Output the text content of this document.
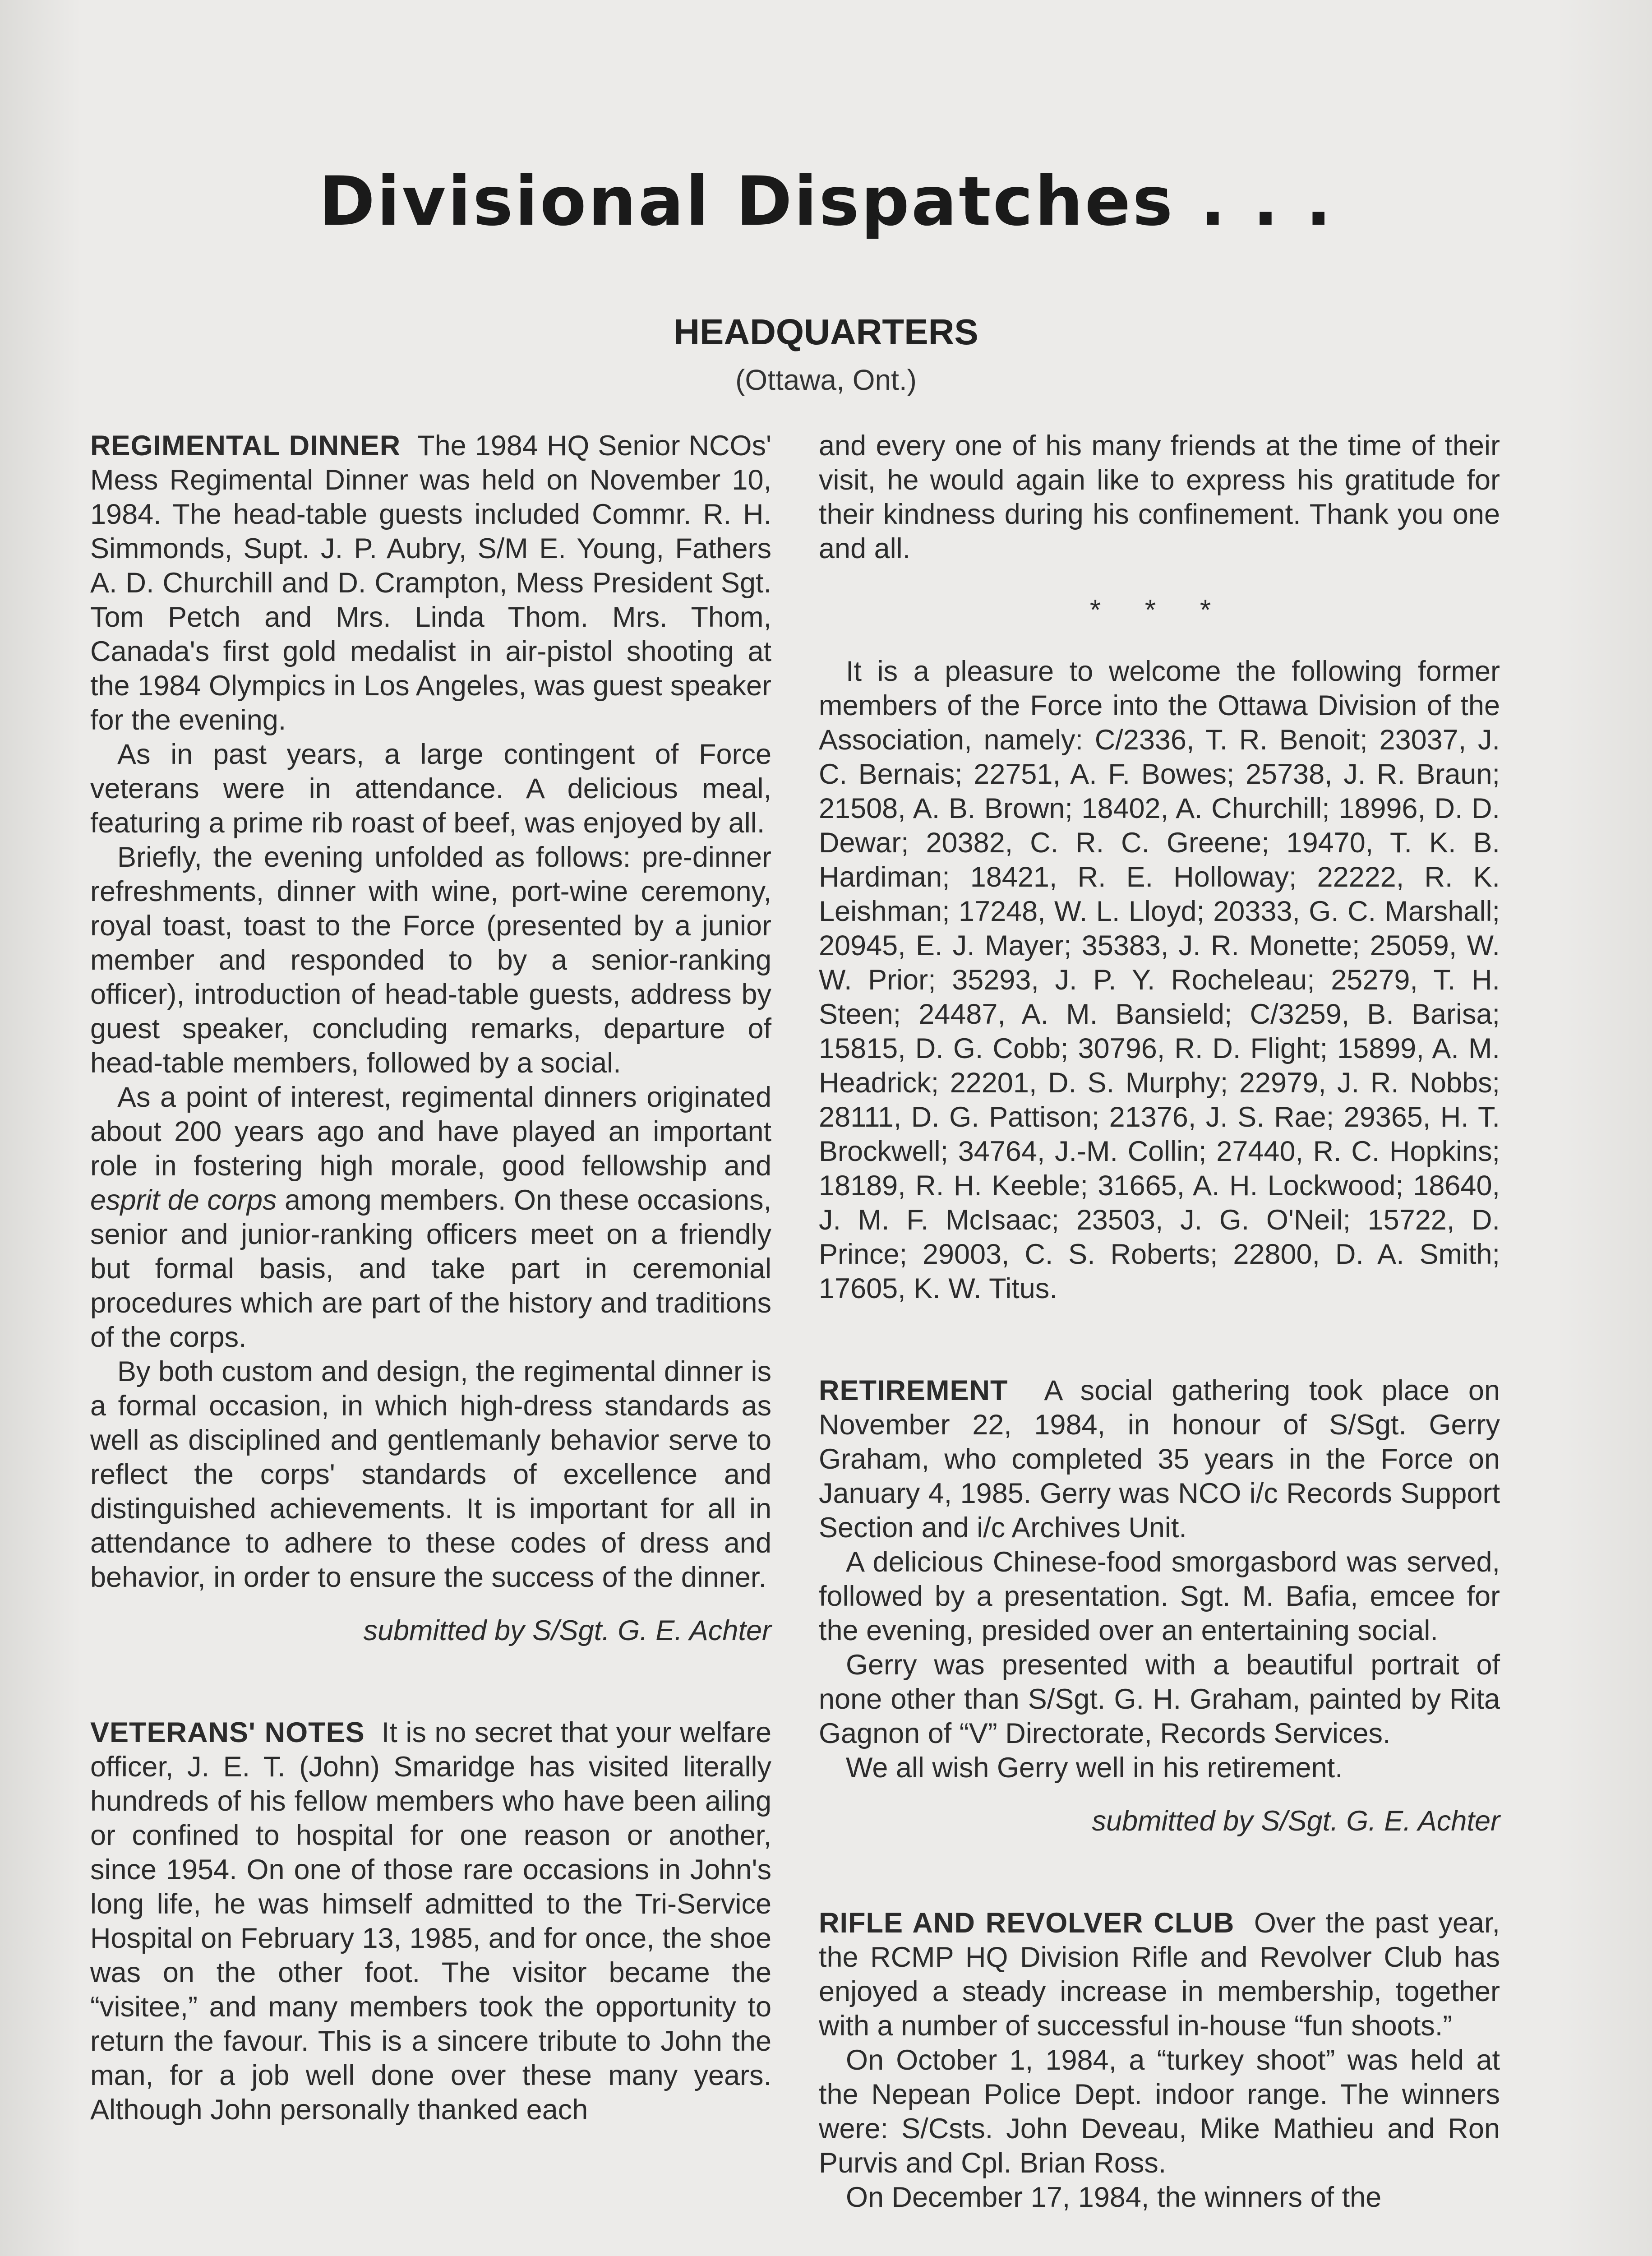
Divisional Dispatches . . .
HEADQUARTERS
(Ottawa, Ont.)

REGIMENTAL DINNER The 1984 HQ Senior NCOs' Mess Regimental Dinner was held on November 10, 1984. The head-table guests included Commr. R. H. Simmonds, Supt. J. P. Aubry, S/M E. Young, Fathers A. D. Churchill and D. Crampton, Mess President Sgt. Tom Petch and Mrs. Linda Thom. Mrs. Thom, Canada's first gold medalist in air-pistol shooting at the 1984 Olympics in Los Angeles, was guest speaker for the evening.

As in past years, a large contingent of Force veterans were in attendance. A delicious meal, featuring a prime rib roast of beef, was enjoyed by all.

Briefly, the evening unfolded as follows: pre-dinner refreshments, dinner with wine, port-wine ceremony, royal toast, toast to the Force (presented by a junior member and responded to by a senior-ranking officer), introduction of head-table guests, address by guest speaker, concluding remarks, departure of head-table members, followed by a social.

As a point of interest, regimental dinners originated about 200 years ago and have played an important role in fostering high morale, good fellowship and esprit de corps among members. On these occasions, senior and junior-ranking officers meet on a friendly but formal basis, and take part in ceremonial procedures which are part of the history and traditions of the corps.

By both custom and design, the regimental dinner is a formal occasion, in which high-dress standards as well as disciplined and gentlemanly behavior serve to reflect the corps' standards of excellence and distinguished achievements. It is important for all in attendance to adhere to these codes of dress and behavior, in order to ensure the success of the dinner.

submitted by S/Sgt. G. E. Achter

VETERANS' NOTES It is no secret that your welfare officer, J. E. T. (John) Smaridge has visited literally hundreds of his fellow members who have been ailing or confined to hospital for one reason or another, since 1954. On one of those rare occasions in John's long life, he was himself admitted to the Tri-Service Hospital on February 13, 1985, and for once, the shoe was on the other foot. The visitor became the “visitee,” and many members took the opportunity to return the favour. This is a sincere tribute to John the man, for a job well done over these many years. Although John personally thanked each

and every one of his many friends at the time of their visit, he would again like to express his gratitude for their kindness during his confinement. Thank you one and all.

* * *

It is a pleasure to welcome the following former members of the Force into the Ottawa Division of the Association, namely: C/2336, T. R. Benoit; 23037, J. C. Bernais; 22751, A. F. Bowes; 25738, J. R. Braun; 21508, A. B. Brown; 18402, A. Churchill; 18996, D. D. Dewar; 20382, C. R. C. Greene; 19470, T. K. B. Hardiman; 18421, R. E. Holloway; 22222, R. K. Leishman; 17248, W. L. Lloyd; 20333, G. C. Marshall; 20945, E. J. Mayer; 35383, J. R. Monette; 25059, W. W. Prior; 35293, J. P. Y. Rocheleau; 25279, T. H. Steen; 24487, A. M. Bansield; C/3259, B. Barisa; 15815, D. G. Cobb; 30796, R. D. Flight; 15899, A. M. Headrick; 22201, D. S. Murphy; 22979, J. R. Nobbs; 28111, D. G. Pattison; 21376, J. S. Rae; 29365, H. T. Brockwell; 34764, J.-M. Collin; 27440, R. C. Hopkins; 18189, R. H. Keeble; 31665, A. H. Lockwood; 18640, J. M. F. McIsaac; 23503, J. G. O'Neil; 15722, D. Prince; 29003, C. S. Roberts; 22800, D. A. Smith; 17605, K. W. Titus.

RETIREMENT A social gathering took place on November 22, 1984, in honour of S/Sgt. Gerry Graham, who completed 35 years in the Force on January 4, 1985. Gerry was NCO i/c Records Support Section and i/c Archives Unit.

A delicious Chinese-food smorgasbord was served, followed by a presentation. Sgt. M. Bafia, emcee for the evening, presided over an entertaining social.

Gerry was presented with a beautiful portrait of none other than S/Sgt. G. H. Graham, painted by Rita Gagnon of “V” Directorate, Records Services.

We all wish Gerry well in his retirement.

submitted by S/Sgt. G. E. Achter

RIFLE AND REVOLVER CLUB Over the past year, the RCMP HQ Division Rifle and Revolver Club has enjoyed a steady increase in membership, together with a number of successful in-house “fun shoots.”

On October 1, 1984, a “turkey shoot” was held at the Nepean Police Dept. indoor range. The winners were: S/Csts. John Deveau, Mike Mathieu and Ron Purvis and Cpl. Brian Ross.

On December 17, 1984, the winners of the
